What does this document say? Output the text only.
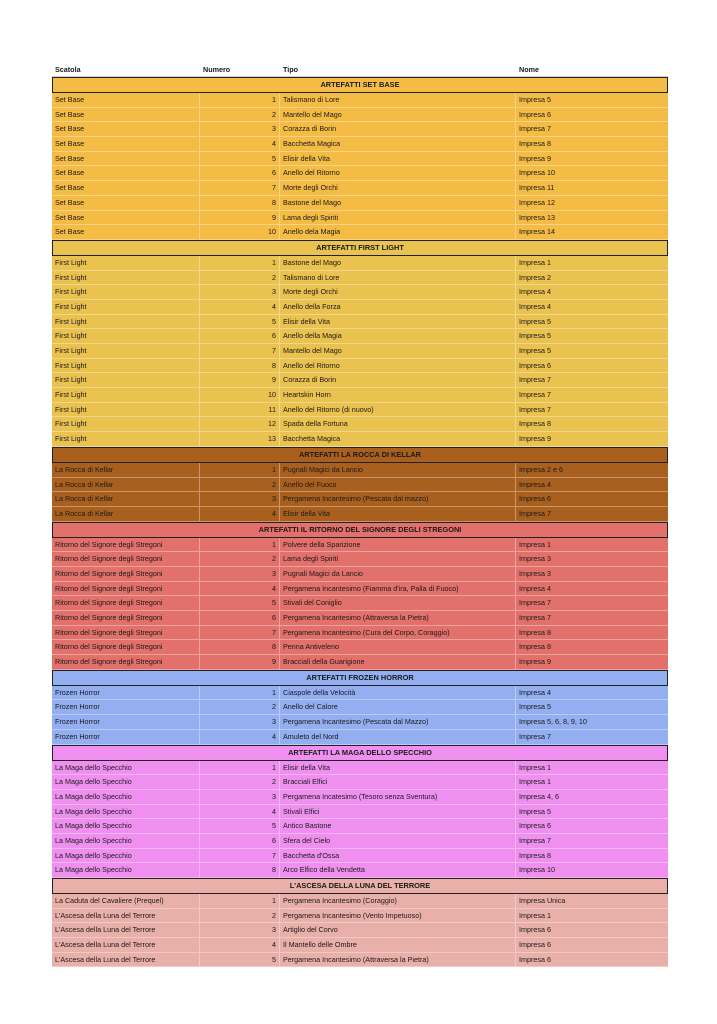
Scatola	Numero	Tipo	Nome
ARTEFATTI SET BASE
Set Base	1 Talismano di Lore	Impresa 5
Set Base	2 Mantello del Mago	Impresa 6
Set Base	3 Corazza di Borin	Impresa 7
Set Base	4 Bacchetta Magica	Impresa 8
Set Base	5 Elisir della Vita	Impresa 9
Set Base	6 Anello del Ritorno	Impresa 10
Set Base	7 Morte degli Orchi	Impresa 11
Set Base	8 Bastone del Mago	Impresa 12
Set Base	9 Lama degli Spiriti	Impresa 13
Set Base	10 Anello dela Magia	Impresa 14
ARTEFATTI FIRST LIGHT
First Light	1 Bastone del Mago	Impresa 1
First Light	2 Talismano di Lore	Impresa 2
First Light	3 Morte degli Orchi	Impresa 4
First Light	4 Anello della Forza	Impresa 4
First Light	5 Elisir della Vita	Impresa 5
First Light	6 Anello della Magia	Impresa 5
First Light	7 Mantello del Mago	Impresa 5
First Light	8 Anello del Ritorno	Impresa 6
First Light	9 Corazza di Borin	Impresa 7
First Light	10 Heartskin Horn	Impresa 7
First Light	11 Anello del Ritorno (di nuovo)	Impresa 7
First Light	12 Spada della Fortuna	Impresa 8
First Light	13 Bacchetta Magica	Impresa 9
ARTEFATTI LA ROCCA DI KELLAR
La Rocca di Kellar	1 Pugnali Magici da Lancio	Impresa 2 e 6
La Rocca di Kellar	2 Anello del Fuoco	Impresa 4
La Rocca di Kellar	3 Pergamena Incantesimo (Pescata dal mazzo)	Impresa 6
La Rocca di Kellar	4 Elisir della Vita	Impresa 7
ARTEFATTI IL RITORNO DEL SIGNORE DEGLI STREGONI
Ritorno del Signore degli Stregoni	1 Polvere della Sparizione	Impresa 1
Ritorno del Signore degli Stregoni	2 Lama degli Spiriti	Impresa 3
Ritorno del Signore degli Stregoni	3 Pugnali Magici da Lancio	Impresa 3
Ritorno del Signore degli Stregoni	4 Pergamena Incantesimo (Fiamma d'ira, Palla di Fuoco)	Impresa 4
Ritorno del Signore degli Stregoni	5 Stivali del Coniglio	Impresa 7
Ritorno del Signore degli Stregoni	6 Pergamena Incantesimo (Attraversa la Pietra)	Impresa 7
Ritorno del Signore degli Stregoni	7 Pergamena Incantesimo (Cura del Corpo, Coraggio)	Impresa 8
Ritorno del Signore degli Stregoni	8 Penna Antiveleno	Impresa 8
Ritorno del Signore degli Stregoni	9 Bracciali della Guarigione	Impresa 9
ARTEFATTI FROZEN HORROR
Frozen Horror	1 Ciaspole della Velocità	Impresa 4
Frozen Horror	2 Anello del Calore	Impresa 5
Frozen Horror	3 Pergamena Incantesimo (Pescata dal Mazzo)	Impresa 5, 6, 8, 9, 10
Frozen Horror	4 Amuleto del Nord	Impresa 7
ARTEFATTI LA MAGA DELLO SPECCHIO
La Maga dello Specchio	1 Elisir della Vita	Impresa 1
La Maga dello Specchio	2 Bracciali Elfici	Impresa 1
La Maga dello Specchio	3 Pergamena Incatesimo (Tesoro senza Sventura)	Impresa 4, 6
La Maga dello Specchio	4 Stivali Elfici	Impresa 5
La Maga dello Specchio	5 Antico Bastone	Impresa 6
La Maga dello Specchio	6 Sfera del Cielo	Impresa 7
La Maga dello Specchio	7 Bacchetta d'Ossa	Impresa 8
La Maga dello Specchio	8 Arco Elfico della Vendetta	Impresa 10
L'ASCESA DELLA LUNA DEL TERRORE
La Caduta del Cavaliere (Prequel)	1 Pergamena Incantesimo (Coraggio)	Impresa Unica
L'Ascesa della Luna del Terrore	2 Pergamena Incantesimo (Vento Impetuoso)	Impresa 1
L'Ascesa della Luna del Terrore	3 Artiglio del Corvo	Impresa 6
L'Ascesa della Luna del Terrore	4 Il Mantello delle Ombre	Impresa 6
L'Ascesa della Luna del Terrore	5 Pergamena Incantesimo (Attraversa la Pietra)	Impresa 6
